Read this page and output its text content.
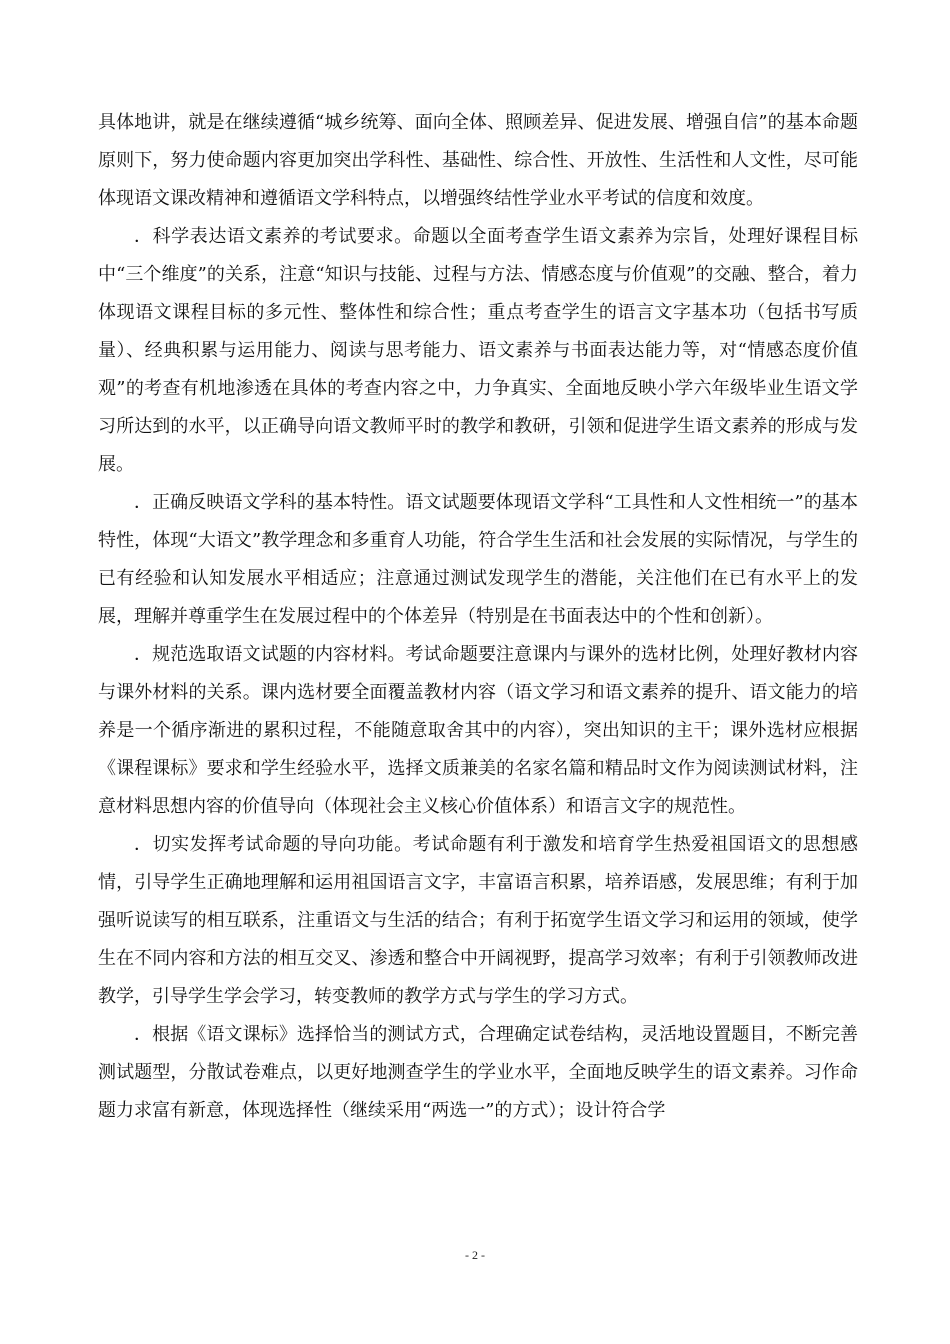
具体地讲，就是在继续遵循“城乡统筹、面向全体、照顾差异、促进发展、增强自信”的基本命题原则下，努力使命题内容更加突出学科性、基础性、综合性、开放性、生活性和人文性，尽可能体现语文课改精神和遵循语文学科特点，以增强终结性学业水平考试的信度和效度。

．科学表达语文素养的考试要求。命题以全面考查学生语文素养为宗旨，处理好课程目标中“三个维度”的关系，注意“知识与技能、过程与方法、情感态度与价值观”的交融、整合，着力体现语文课程目标的多元性、整体性和综合性；重点考查学生的语言文字基本功（包括书写质量）、经典积累与运用能力、阅读与思考能力、语文素养与书面表达能力等，对“情感态度价值观”的考查有机地渗透在具体的考查内容之中，力争真实、全面地反映小学六年级毕业生语文学习所达到的水平，以正确导向语文教师平时的教学和教研，引领和促进学生语文素养的形成与发展。

．正确反映语文学科的基本特性。语文试题要体现语文学科“工具性和人文性相统一”的基本特性，体现“大语文”教学理念和多重育人功能，符合学生生活和社会发展的实际情况，与学生的已有经验和认知发展水平相适应；注意通过测试发现学生的潜能，关注他们在已有水平上的发展，理解并尊重学生在发展过程中的个体差异（特别是在书面表达中的个性和创新）。

．规范选取语文试题的内容材料。考试命题要注意课内与课外的选材比例，处理好教材内容与课外材料的关系。课内选材要全面覆盖教材内容（语文学习和语文素养的提升、语文能力的培养是一个循序渐进的累积过程，不能随意取舍其中的内容），突出知识的主干；课外选材应根据《课程课标》要求和学生经验水平，选择文质兼美的名家名篇和精品时文作为阅读测试材料，注意材料思想内容的价值导向（体现社会主义核心价值体系）和语言文字的规范性。

．切实发挥考试命题的导向功能。考试命题有利于激发和培育学生热爱祖国语文的思想感情，引导学生正确地理解和运用祖国语言文字，丰富语言积累，培养语感，发展思维；有利于加强听说读写的相互联系，注重语文与生活的结合；有利于拓宽学生语文学习和运用的领域，使学生在不同内容和方法的相互交叉、渗透和整合中开阔视野，提高学习效率；有利于引领教师改进教学，引导学生学会学习，转变教师的教学方式与学生的学习方式。

．根据《语文课标》选择恰当的测试方式，合理确定试卷结构，灵活地设置题目，不断完善测试题型，分散试卷难点，以更好地测查学生的学业水平，全面地反映学生的语文素养。习作命题力求富有新意，体现选择性（继续采用“两选一”的方式）；设计符合学

- 2 -
